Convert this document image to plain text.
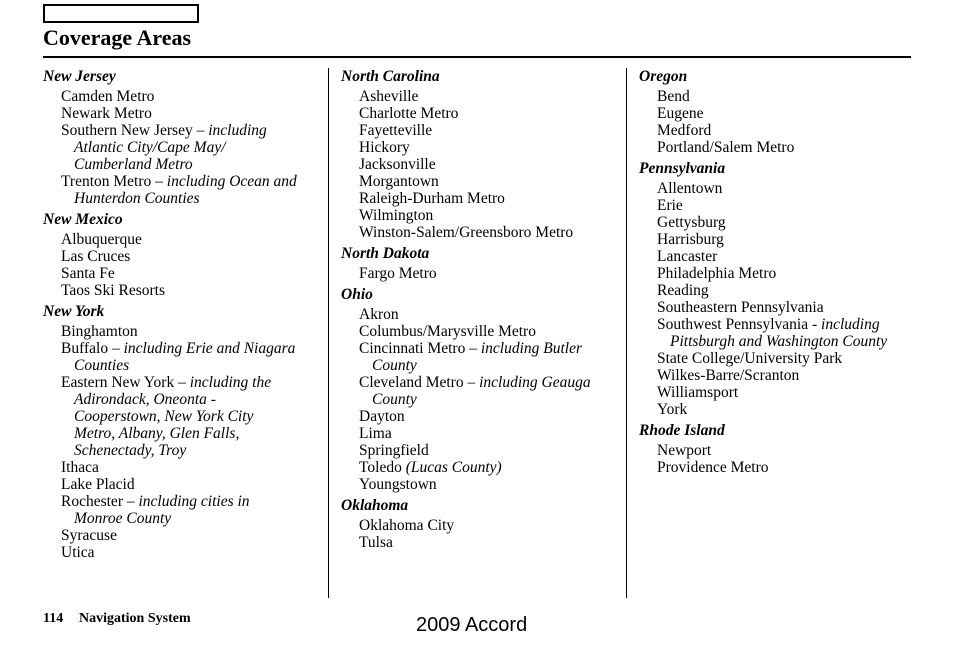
Coverage Areas
New Jersey
Camden Metro
Newark Metro
Southern New Jersey – including
Atlantic City/Cape May/
Cumberland Metro
Trenton Metro – including Ocean and
Hunterdon Counties
New Mexico
Albuquerque
Las Cruces
Santa Fe
Taos Ski Resorts
New York
Binghamton
Buffalo – including Erie and Niagara
Counties
Eastern New York – including the
Adirondack, Oneonta -
Cooperstown, New York City
Metro, Albany, Glen Falls,
Schenectady, Troy
Ithaca
Lake Placid
Rochester – including cities in
Monroe County
Syracuse
Utica
North Carolina
Asheville
Charlotte Metro
Fayetteville
Hickory
Jacksonville
Morgantown
Raleigh-Durham Metro
Wilmington
Winston-Salem/Greensboro Metro
North Dakota
Fargo Metro
Ohio
Akron
Columbus/Marysville Metro
Cincinnati Metro – including Butler
County
Cleveland Metro – including Geauga
County
Dayton
Lima
Springfield
Toledo (Lucas County)
Youngstown
Oklahoma
Oklahoma City
Tulsa
Oregon
Bend
Eugene
Medford
Portland/Salem Metro
Pennsylvania
Allentown
Erie
Gettysburg
Harrisburg
Lancaster
Philadelphia Metro
Reading
Southeastern Pennsylvania
Southwest Pennsylvania - including
Pittsburgh and Washington County
State College/University Park
Wilkes-Barre/Scranton
Williamsport
York
Rhode Island
Newport
Providence Metro
114 Navigation System	2009 Accord
